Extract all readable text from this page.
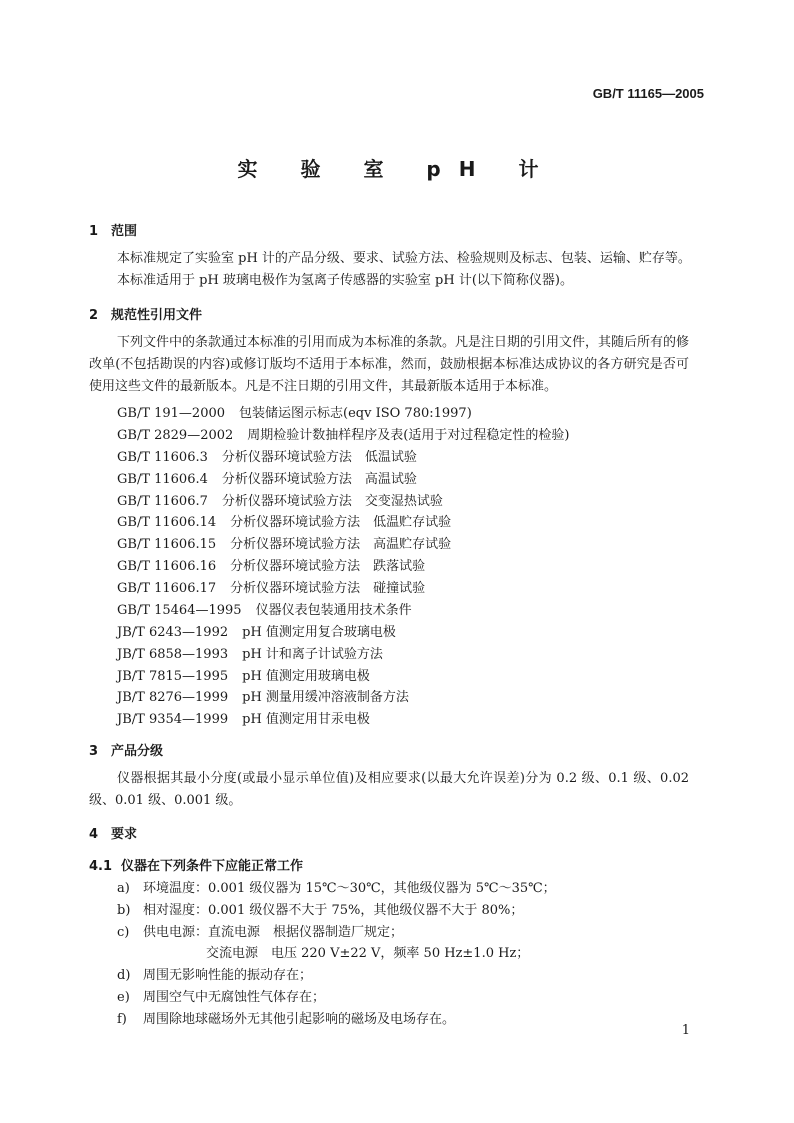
GB/T 11165—2005
实 验 室 pH 计
1 范围
本标准规定了实验室 pH 计的产品分级、要求、试验方法、检验规则及标志、包装、运输、贮存等。
本标准适用于 pH 玻璃电极作为氢离子传感器的实验室 pH 计(以下简称仪器)。
2 规范性引用文件
下列文件中的条款通过本标准的引用而成为本标准的条款。凡是注日期的引用文件，其随后所有的修改单(不包括勘误的内容)或修订版均不适用于本标准，然而，鼓励根据本标准达成协议的各方研究是否可使用这些文件的最新版本。凡是不注日期的引用文件，其最新版本适用于本标准。
GB/T 191—2000 包装储运图示标志(eqv ISO 780:1997)
GB/T 2829—2002 周期检验计数抽样程序及表(适用于对过程稳定性的检验)
GB/T 11606.3 分析仪器环境试验方法　低温试验
GB/T 11606.4 分析仪器环境试验方法　高温试验
GB/T 11606.7 分析仪器环境试验方法　交变湿热试验
GB/T 11606.14 分析仪器环境试验方法　低温贮存试验
GB/T 11606.15 分析仪器环境试验方法　高温贮存试验
GB/T 11606.16 分析仪器环境试验方法　跌落试验
GB/T 11606.17 分析仪器环境试验方法　碰撞试验
GB/T 15464—1995 仪器仪表包装通用技术条件
JB/T 6243—1992 pH 值测定用复合玻璃电极
JB/T 6858—1993 pH 计和离子计试验方法
JB/T 7815—1995 pH 值测定用玻璃电极
JB/T 8276—1999 pH 测量用缓冲溶液制备方法
JB/T 9354—1999 pH 值测定用甘汞电极
3 产品分级
仪器根据其最小分度(或最小显示单位值)及相应要求(以最大允许误差)分为 0.2 级、0.1 级、0.02 级、0.01 级、0.001 级。
4 要求
4.1 仪器在下列条件下应能正常工作
a) 环境温度：0.001 级仪器为 15℃～30℃，其他级仪器为 5℃～35℃；
b) 相对湿度：0.001 级仪器不大于 75%，其他级仪器不大于 80%；
c) 供电电源：直流电源　根据仪器制造厂规定；
交流电源　电压 220 V±22 V，频率 50 Hz±1.0 Hz；
d) 周围无影响性能的振动存在；
e) 周围空气中无腐蚀性气体存在；
f) 周围除地球磁场外无其他引起影响的磁场及电场存在。
1
